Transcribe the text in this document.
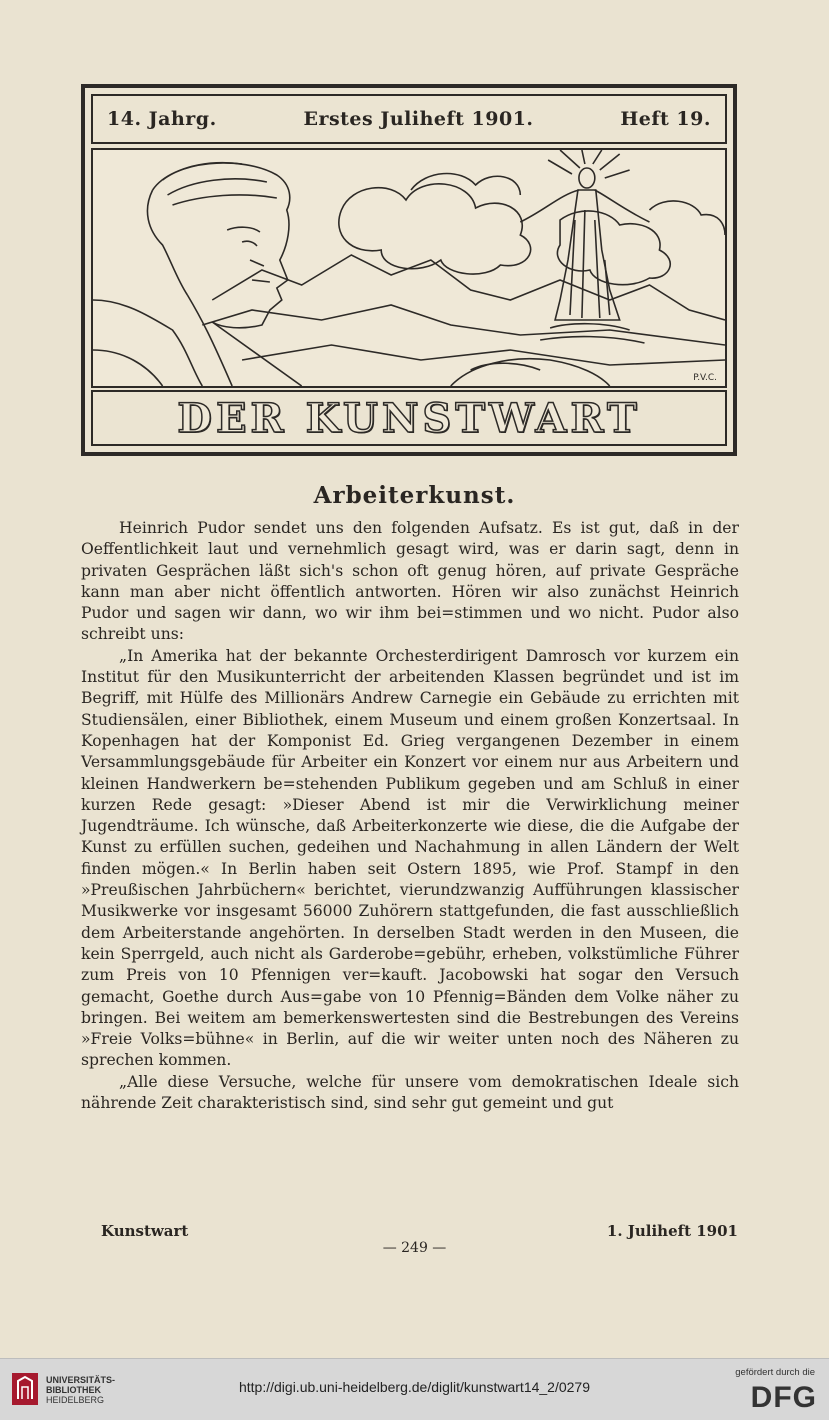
14. Jahrg.	Erstes Juliheft 1901.	Heft 19.
P.V.C.
DER KUNSTWART
Arbeiterkunst.

Heinrich Pudor sendet uns den folgenden Aufsatz. Es ist gut, daß in der Oeffentlichkeit laut und vernehmlich gesagt wird, was er darin sagt, denn in privaten Gesprächen läßt sich's schon oft genug hören, auf private Gespräche kann man aber nicht öffentlich antworten. Hören wir also zunächst Heinrich Pudor und sagen wir dann, wo wir ihm bei=stimmen und wo nicht. Pudor also schreibt uns:

„In Amerika hat der bekannte Orchesterdirigent Damrosch vor kurzem ein Institut für den Musikunterricht der arbeitenden Klassen begründet und ist im Begriff, mit Hülfe des Millionärs Andrew Carnegie ein Gebäude zu errichten mit Studiensälen, einer Bibliothek, einem Museum und einem großen Konzertsaal. In Kopenhagen hat der Komponist Ed. Grieg vergangenen Dezember in einem Versammlungsgebäude für Arbeiter ein Konzert vor einem nur aus Arbeitern und kleinen Handwerkern be=stehenden Publikum gegeben und am Schluß in einer kurzen Rede gesagt: »Dieser Abend ist mir die Verwirklichung meiner Jugendträume. Ich wünsche, daß Arbeiterkonzerte wie diese, die die Aufgabe der Kunst zu erfüllen suchen, gedeihen und Nachahmung in allen Ländern der Welt finden mögen.« In Berlin haben seit Ostern 1895, wie Prof. Stampf in den »Preußischen Jahrbüchern« berichtet, vierundzwanzig Aufführungen klassischer Musikwerke vor insgesamt 56000 Zuhörern stattgefunden, die fast ausschließlich dem Arbeiterstande angehörten. In derselben Stadt werden in den Museen, die kein Sperrgeld, auch nicht als Garderobe=gebühr, erheben, volkstümliche Führer zum Preis von 10 Pfennigen ver=kauft. Jacobowski hat sogar den Versuch gemacht, Goethe durch Aus=gabe von 10 Pfennig=Bänden dem Volke näher zu bringen. Bei weitem am bemerkenswertesten sind die Bestrebungen des Vereins »Freie Volks=bühne« in Berlin, auf die wir weiter unten noch des Näheren zu sprechen kommen.

„Alle diese Versuche, welche für unsere vom demokratischen Ideale sich nährende Zeit charakteristisch sind, sind sehr gut gemeint und gut

Kunstwart	1. Juliheft 1901
— 249 —
UNIVERSITÄTS-
BIBLIOTHEK
HEIDELBERG
http://digi.ub.uni-heidelberg.de/diglit/kunstwart14_2/0279
gefördert durch die
DFG
